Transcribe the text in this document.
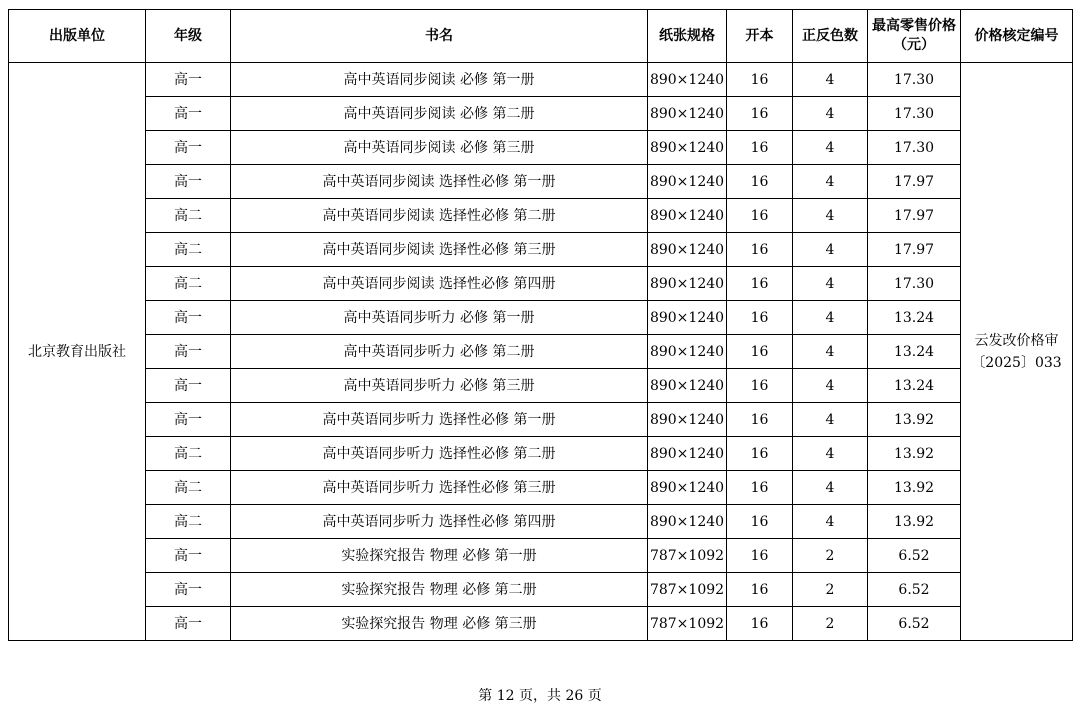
出版单位	年级	书名	纸张规格	开本	正反色数	最高零售价格（元）	价格核定编号
北京教育出版社	高一	高中英语同步阅读 必修 第一册	890×1240	16	4	17.30	云发改价格审〔2025〕033
	高一	高中英语同步阅读 必修 第二册	890×1240	16	4	17.30	
	高一	高中英语同步阅读 必修 第三册	890×1240	16	4	17.30	
	高一	高中英语同步阅读 选择性必修 第一册	890×1240	16	4	17.97	
	高二	高中英语同步阅读 选择性必修 第二册	890×1240	16	4	17.97	
	高二	高中英语同步阅读 选择性必修 第三册	890×1240	16	4	17.97	
	高二	高中英语同步阅读 选择性必修 第四册	890×1240	16	4	17.30	
	高一	高中英语同步听力 必修 第一册	890×1240	16	4	13.24	
	高一	高中英语同步听力 必修 第二册	890×1240	16	4	13.24	
	高一	高中英语同步听力 必修 第三册	890×1240	16	4	13.24	
	高一	高中英语同步听力 选择性必修 第一册	890×1240	16	4	13.92	
	高二	高中英语同步听力 选择性必修 第二册	890×1240	16	4	13.92	
	高二	高中英语同步听力 选择性必修 第三册	890×1240	16	4	13.92	
	高二	高中英语同步听力 选择性必修 第四册	890×1240	16	4	13.92	
	高一	实验探究报告 物理 必修 第一册	787×1092	16	2	6.52	
	高一	实验探究报告 物理 必修 第二册	787×1092	16	2	6.52	
	高一	实验探究报告 物理 必修 第三册	787×1092	16	2	6.52	
第 12 页，共 26 页
